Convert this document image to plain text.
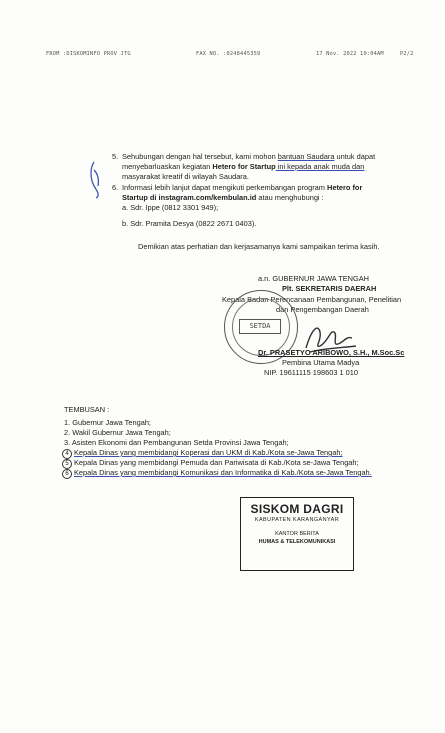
FROM :DISKOMINFO PROV JTG	FAX NO. :0248445359	17 Nov. 2022 10:04AM	P2/2
5. Sehubungan dengan hal tersebut, kami mohon bantuan Saudara untuk dapat
menyebarluaskan kegiatan Hetero for Startup ini kepada anak muda dan
masyarakat kreatif di wilayah Saudara.
6. Informasi lebih lanjut dapat mengikuti perkembangan program Hetero for
Startup di instagram.com/kembulan.id atau menghubungi :
a. Sdr. Ippe (0812 3301 949);
b. Sdr. Pramita Desya (0822 2671 0403).
Demikian atas perhatian dan kerjasamanya kami sampaikan terima kasih.
a.n. GUBERNUR JAWA TENGAH
Plt. SEKRETARIS DAERAH
Kepala Badan Perencanaan Pembangunan, Penelitian
dan Pengembangan Daerah
SETDA
Dr. PRASETYO ARIBOWO, S.H., M.Soc.Sc
Pembina Utama Madya
NIP. 19611115 198603 1 010
TEMBUSAN :
1. Gubernur Jawa Tengah;
2. Wakil Gubernur Jawa Tengah;
3. Asisten Ekonomi dan Pembangunan Setda Provinsi Jawa Tengah;
4 Kepala Dinas yang membidangi Koperasi dan UKM di Kab./Kota se-Jawa Tengah;
5 Kepala Dinas yang membidangi Pemuda dan Pariwisata di Kab./Kota se-Jawa Tengah;
6 Kepala Dinas yang membidangi Komunikasi dan Informatika di Kab./Kota se-Jawa Tengah.
SISKOM DAGRI
KABUPATEN KARANGANYAR
KANTOR BERITA
HUMAS & TELEKOMUNIKASI
